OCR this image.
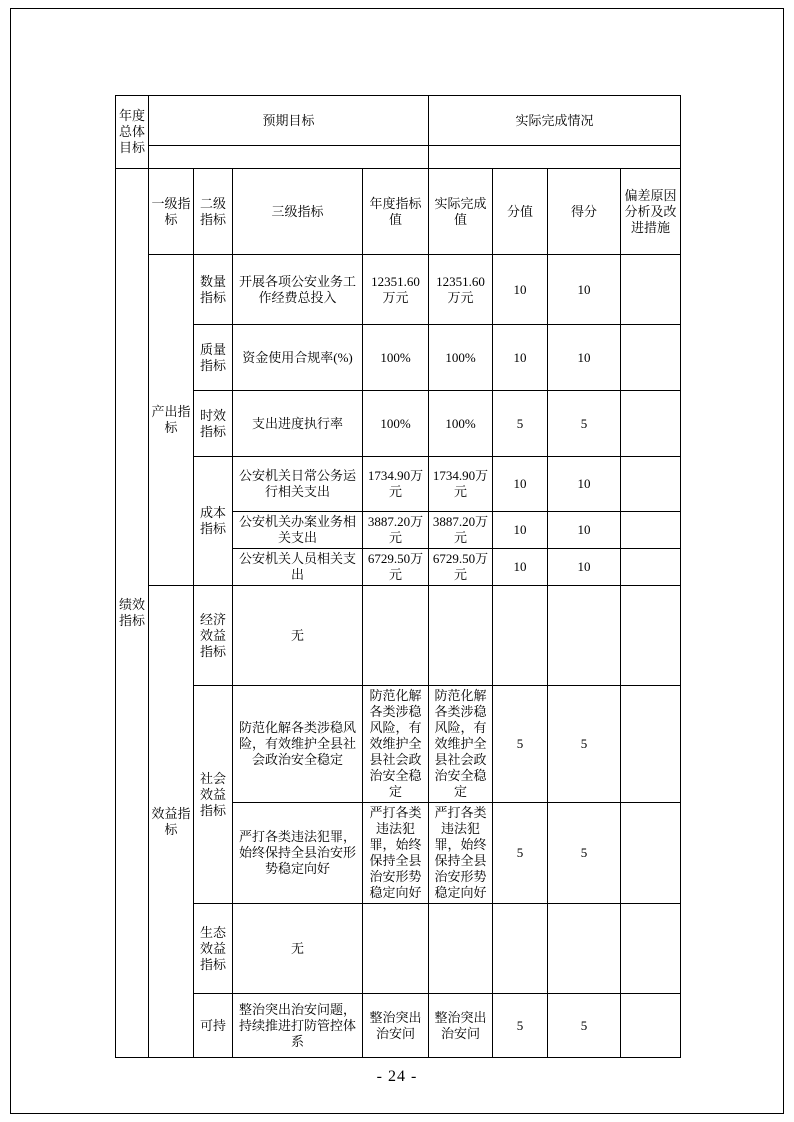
年度总体目标	预期目标				实际完成情况			

绩效指标	一级指标	二级指标	三级指标	年度指标值	实际完成值	分值	得分	偏差原因分析及改进措施
	产出指标	数量指标	开展各项公安业务工作经费总投入	12351.60万元	12351.60万元	10	10	
		质量指标	资金使用合规率(%)	100%	100%	10	10	
		时效指标	支出进度执行率	100%	100%	5	5	
		成本指标	公安机关日常公务运行相关支出	1734.90万元	1734.90万元	10	10	
			公安机关办案业务相关支出	3887.20万元	3887.20万元	10	10	
			公安机关人员相关支出	6729.50万元	6729.50万元	10	10	
	效益指标	经济效益指标	无					
		社会效益指标	防范化解各类涉稳风险，有效维护全县社会政治安全稳定	防范化解各类涉稳风险，有效维护全县社会政治安全稳定	防范化解各类涉稳风险，有效维护全县社会政治安全稳定	5	5	
			严打各类违法犯罪，始终保持全县治安形势稳定向好	严打各类违法犯罪，始终保持全县治安形势稳定向好	严打各类违法犯罪，始终保持全县治安形势稳定向好	5	5	
		生态效益指标	无					
		可持	整治突出治安问题，持续推进打防管控体系	整治突出治安问	整治突出治安问	5	5	
- 24 -
